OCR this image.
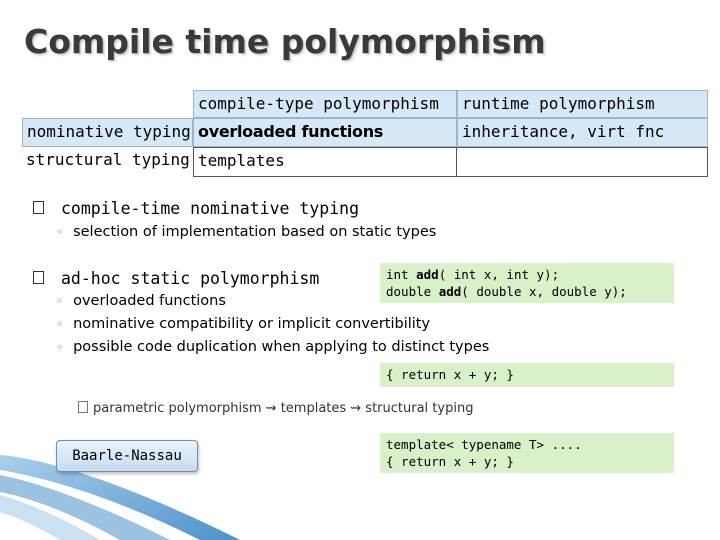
Compile time polymorphism
compile-type polymorphism	runtime polymorphism
nominative typing overloaded functions	inheritance, virt fnc
structural typing templates
compile-time nominative typing
◦ selection of implementation based on static types
ad-hoc static polymorphism
◦ overloaded functions
◦ nominative compatibility or implicit convertibility
◦ possible code duplication when applying to distinct types
int add( int x, int y);
double add( double x, double y);
{ return x + y; }
parametric polymorphism ⇝ templates ⇝ structural typing
template< typename T> ....
{ return x + y; }
Baarle-Nassau
